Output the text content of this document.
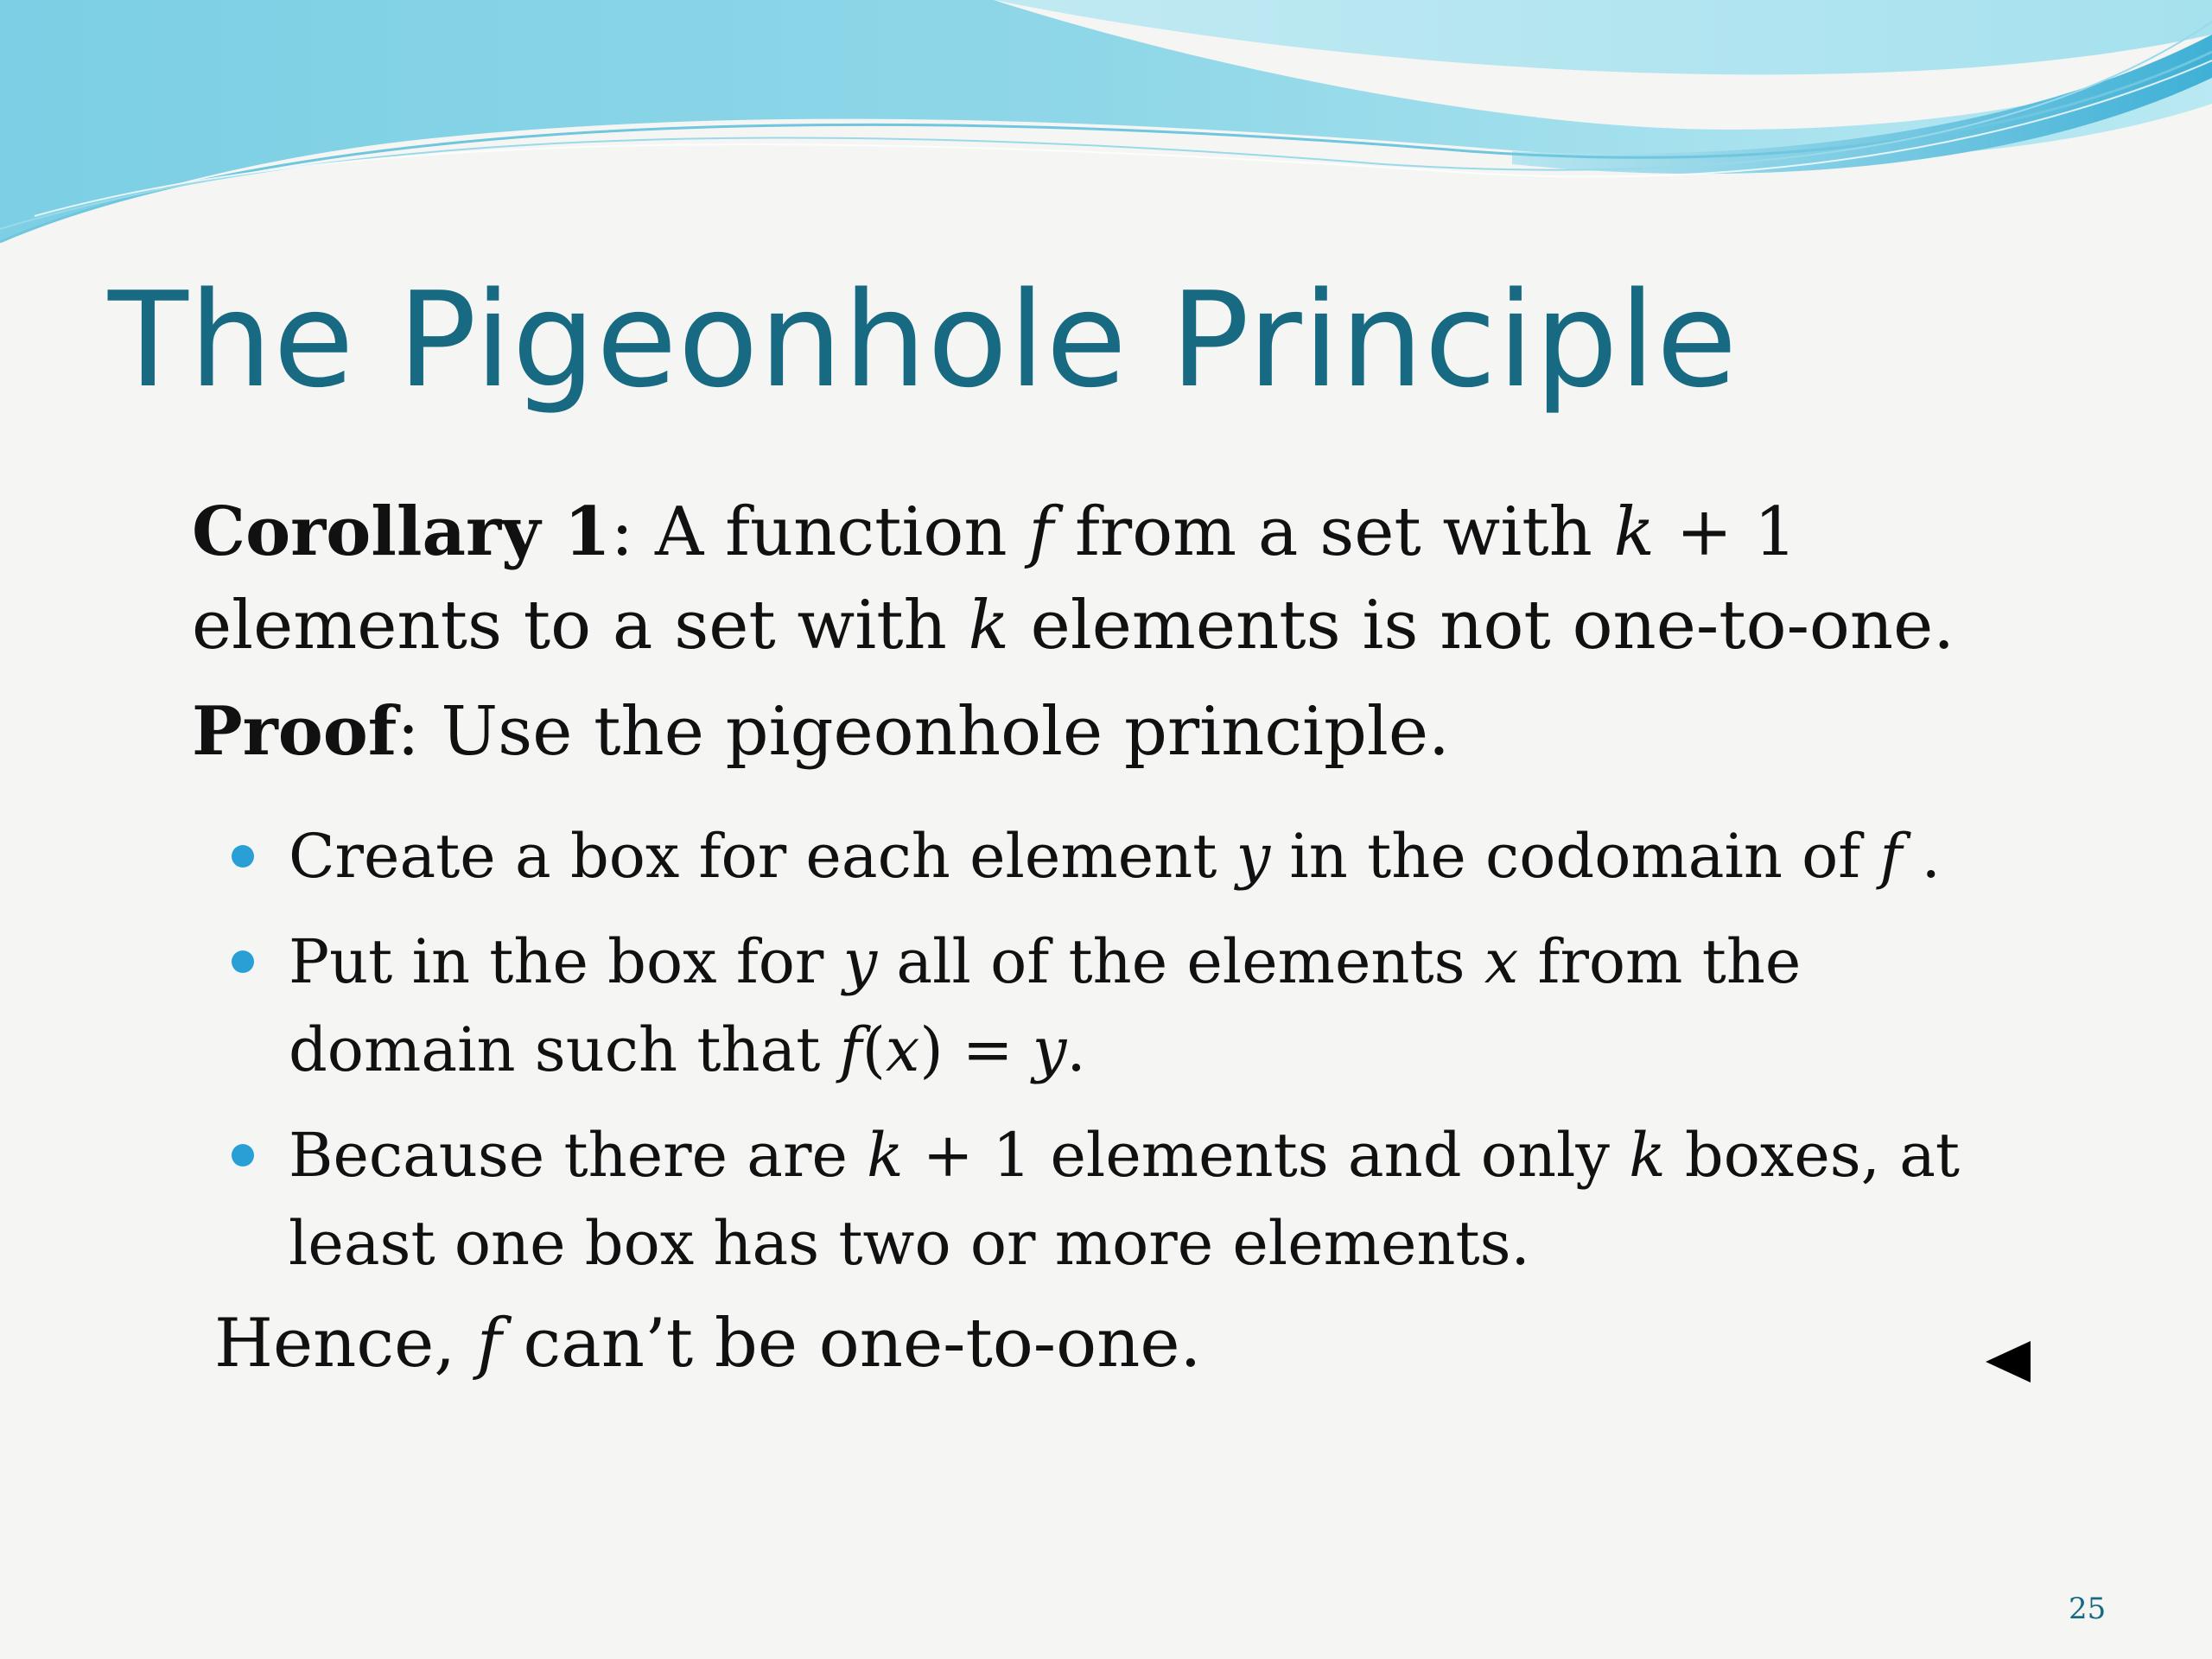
The Pigeonhole Principle
Corollary 1: A function f from a set with k + 1 elements to a set with k elements is not one-to-one.
Proof: Use the pigeonhole principle.
Create a box for each element y in the codomain of f .
Put in the box for y all of the elements x from the domain such that f(x) = y.
Because there are k + 1 elements and only k boxes, at least one box has two or more elements.
Hence, f can’t be one-to-one.
25
